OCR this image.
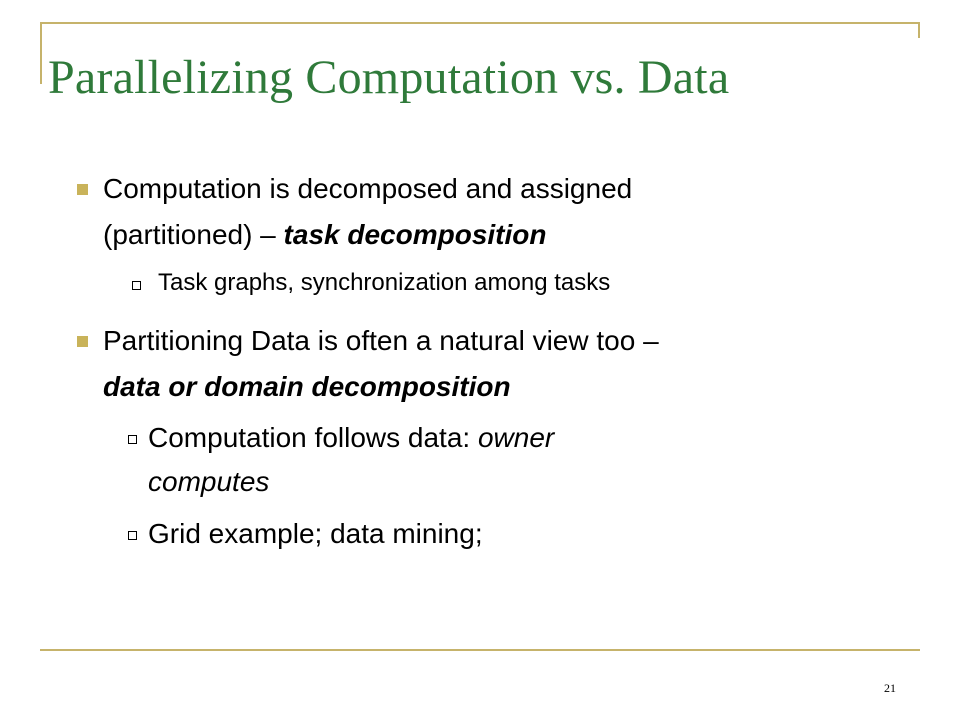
Parallelizing Computation vs. Data
Computation is decomposed and assigned
(partitioned) – task decomposition
Task graphs, synchronization among tasks
Partitioning Data is often a natural view too –
data or domain decomposition
Computation follows data: owner
computes
Grid example; data mining;
21
